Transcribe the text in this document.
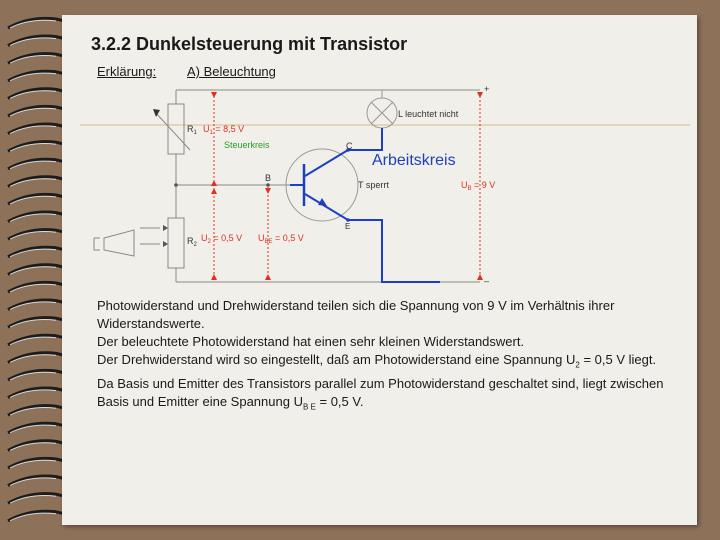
3.2.2 Dunkelsteuerung mit Transistor
Erklärung: A) Beleuchtung
+
–
L leuchtet nicht
$R_1$ $U_1 = 8,5$ V
Steuerkreis	C
Arbeitskreis
B
T sperrt	$U_B = 9$ V
E
$R_2$
$U_2 = 0,5$ V $U_{BE} = 0,5$ V

Photowiderstand und Drehwiderstand teilen sich die Spannung von 9 V im Verhältnis ihrer Widerstandswerte.

Der beleuchtete Photowiderstand hat einen sehr kleinen Widerstandswert.

Der Drehwiderstand wird so eingestellt, daß am Photowiderstand eine Spannung $U_2 = 0,5$ V liegt.

Da Basis und Emitter des Transistors parallel zum Photowiderstand geschaltet sind, liegt zwischen Basis und Emitter eine Spannung $U_{B E} = 0,5$ V.
